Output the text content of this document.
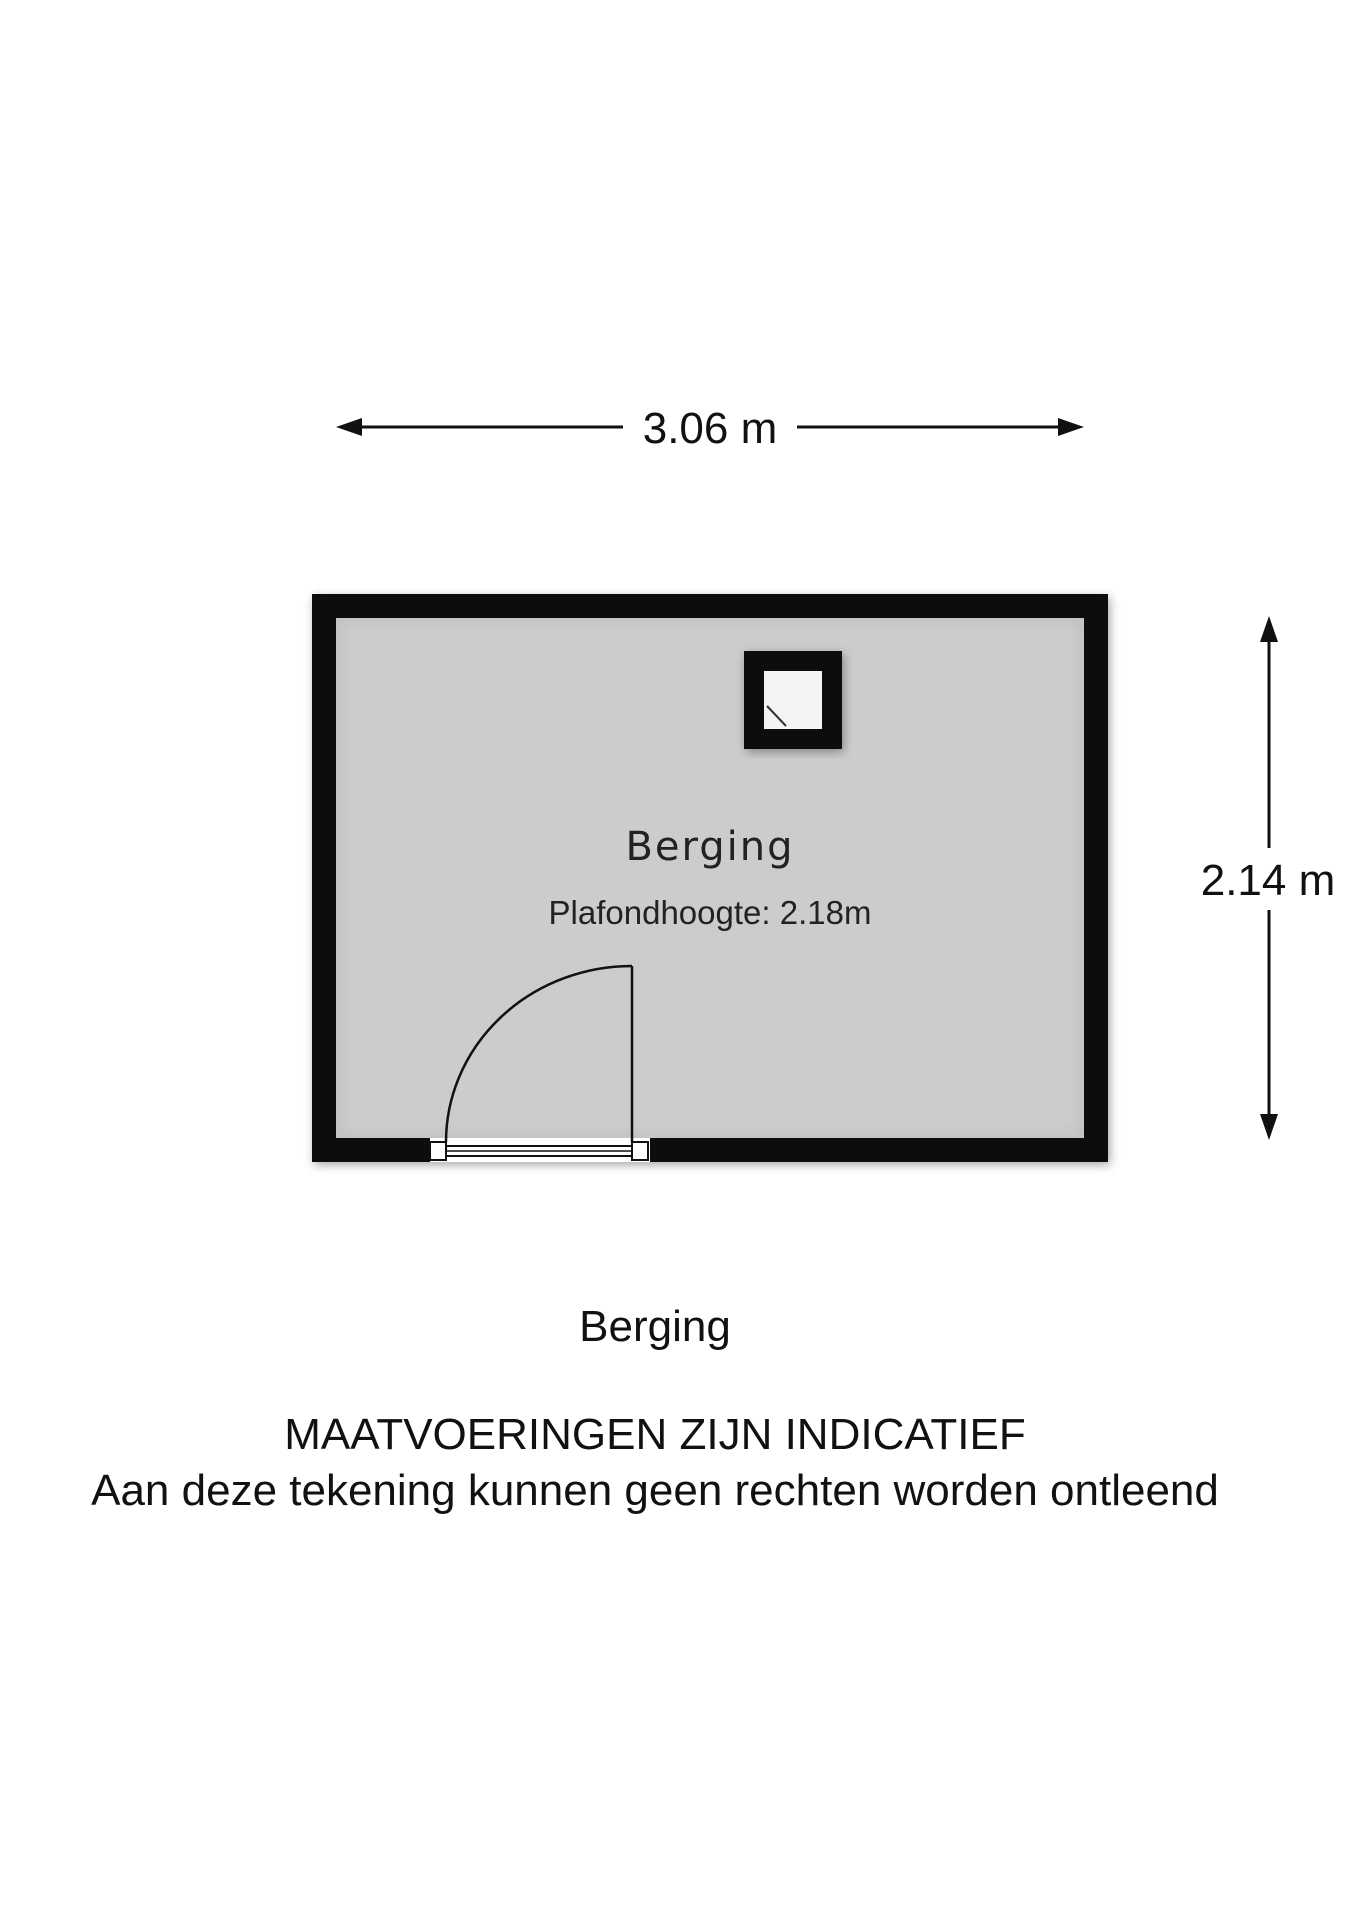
3.06 m
2.14 m
Berging
Plafondhoogte: 2.18m

Berging

MAATVOERINGEN ZIJN INDICATIEF

Aan deze tekening kunnen geen rechten worden ontleend
